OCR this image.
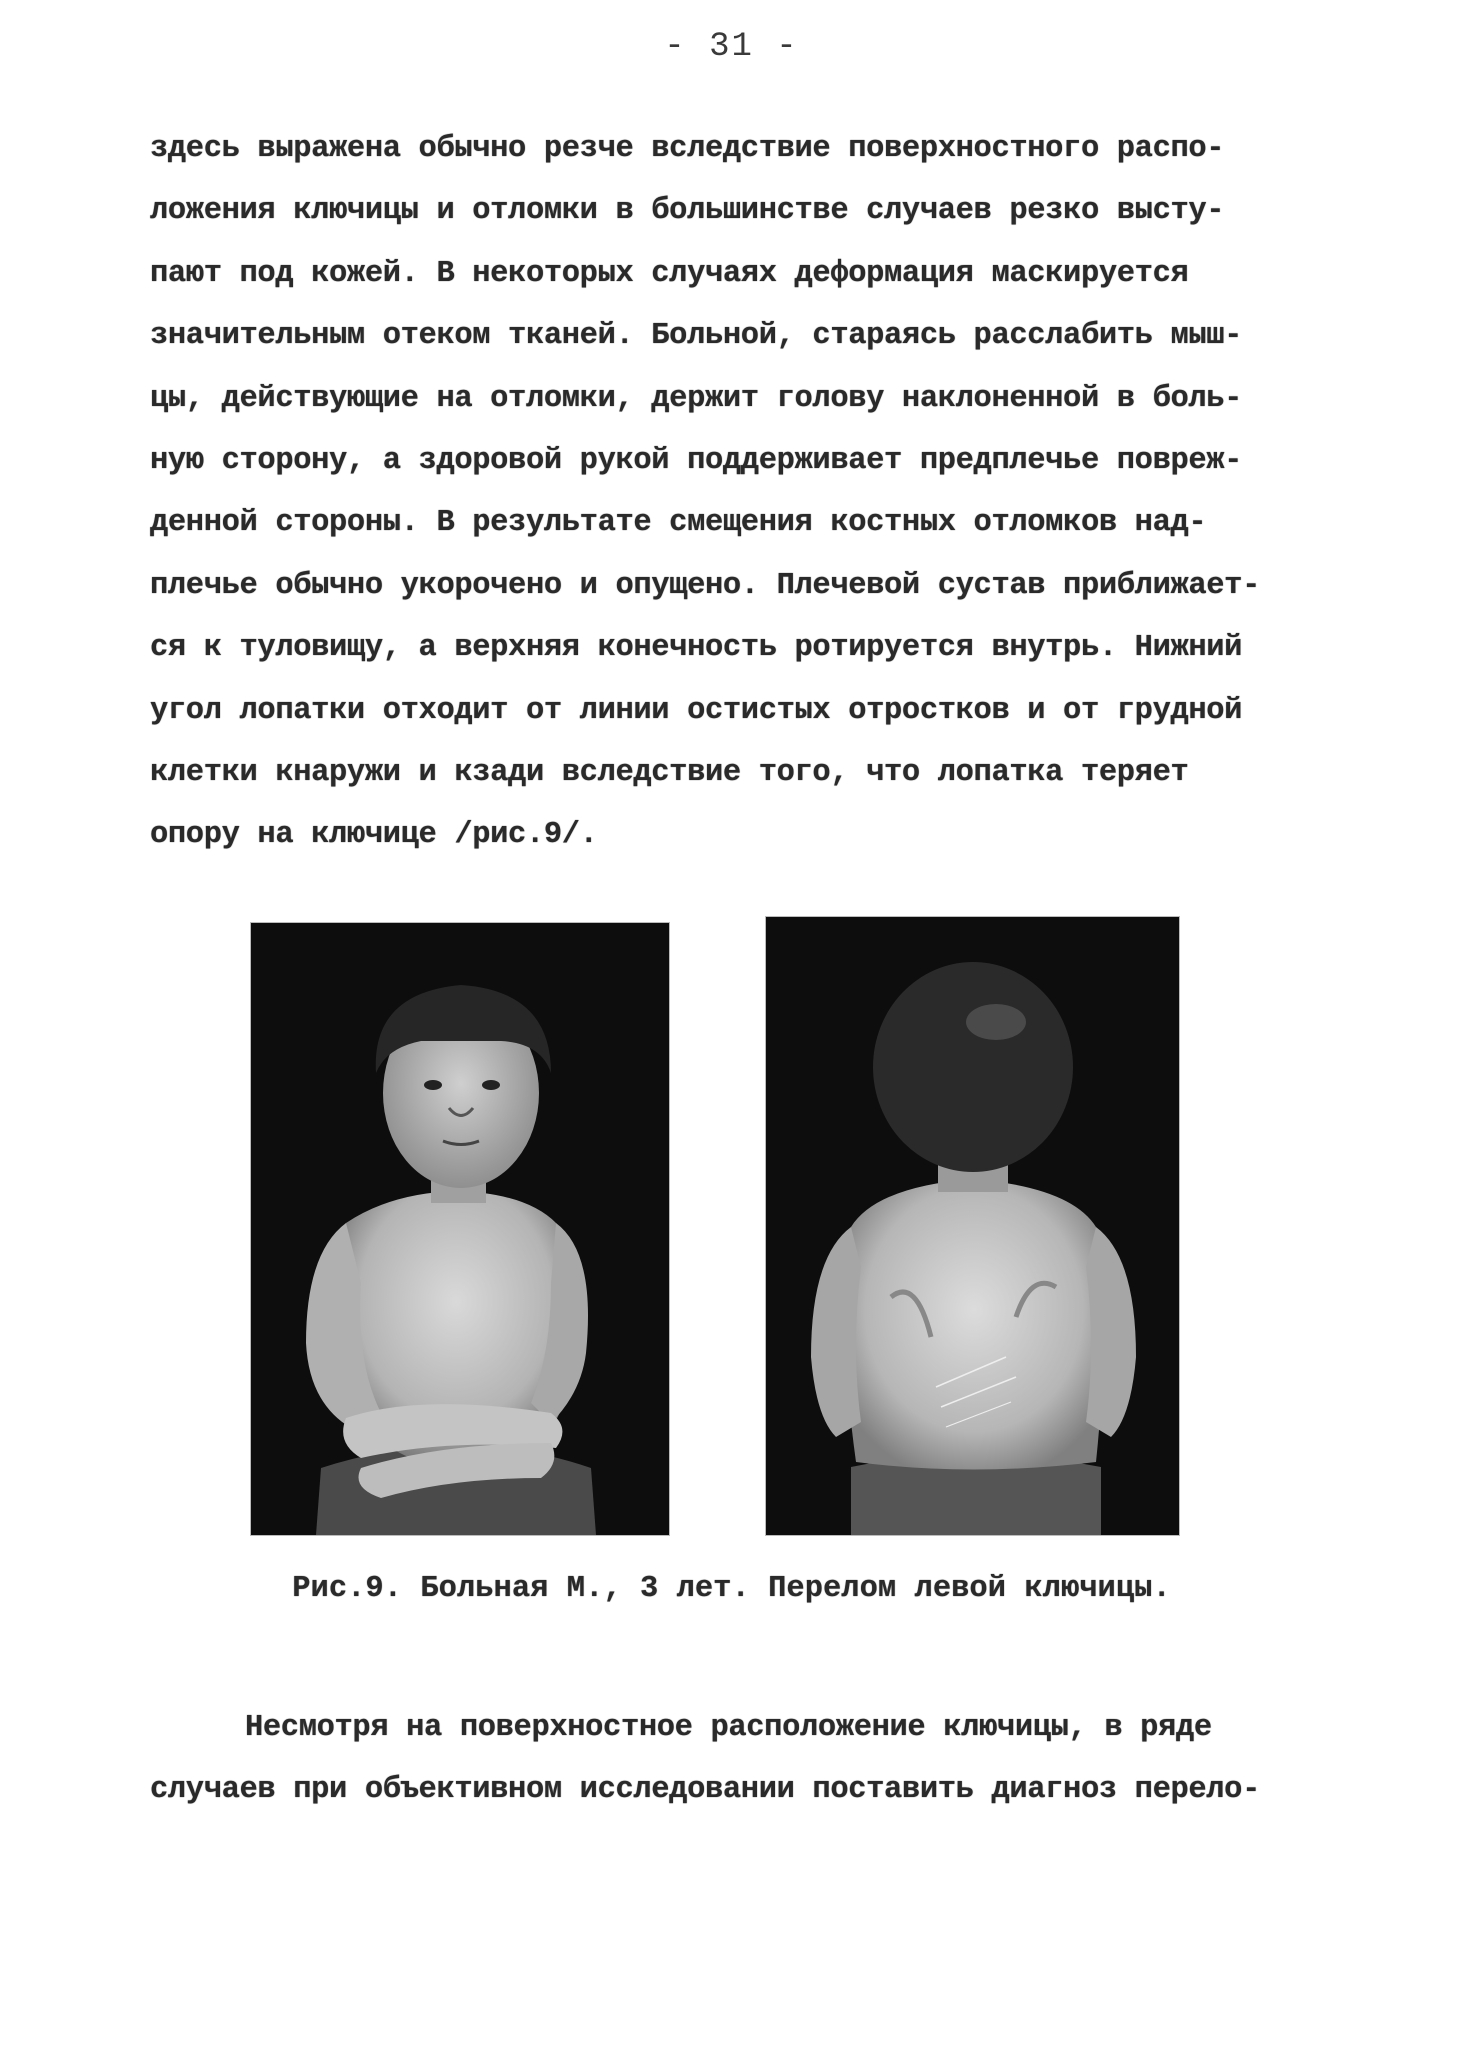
- 31 -
здесь выражена обычно резче вследствие поверхностного распо-
ложения ключицы и отломки в большинстве случаев резко высту-
пают под кожей. В некоторых случаях деформация маскируется
значительным отеком тканей. Больной, стараясь расслабить мыш-
цы, действующие на отломки, держит голову наклоненной в боль-
ную сторону, а здоровой рукой поддерживает предплечье повреж-
денной стороны. В результате смещения костных отломков над-
плечье обычно укорочено и опущено. Плечевой сустав приближает-
ся к туловищу, а верхняя конечность ротируется внутрь. Нижний
угол лопатки отходит от линии остистых отростков и от грудной
клетки кнаружи и кзади вследствие того, что лопатка теряет
опору на ключице /рис.9/.
Рис.9. Больная М., 3 лет. Перелом левой ключицы.
Несмотря на поверхностное расположение ключицы, в ряде
случаев при объективном исследовании поставить диагноз перело-
